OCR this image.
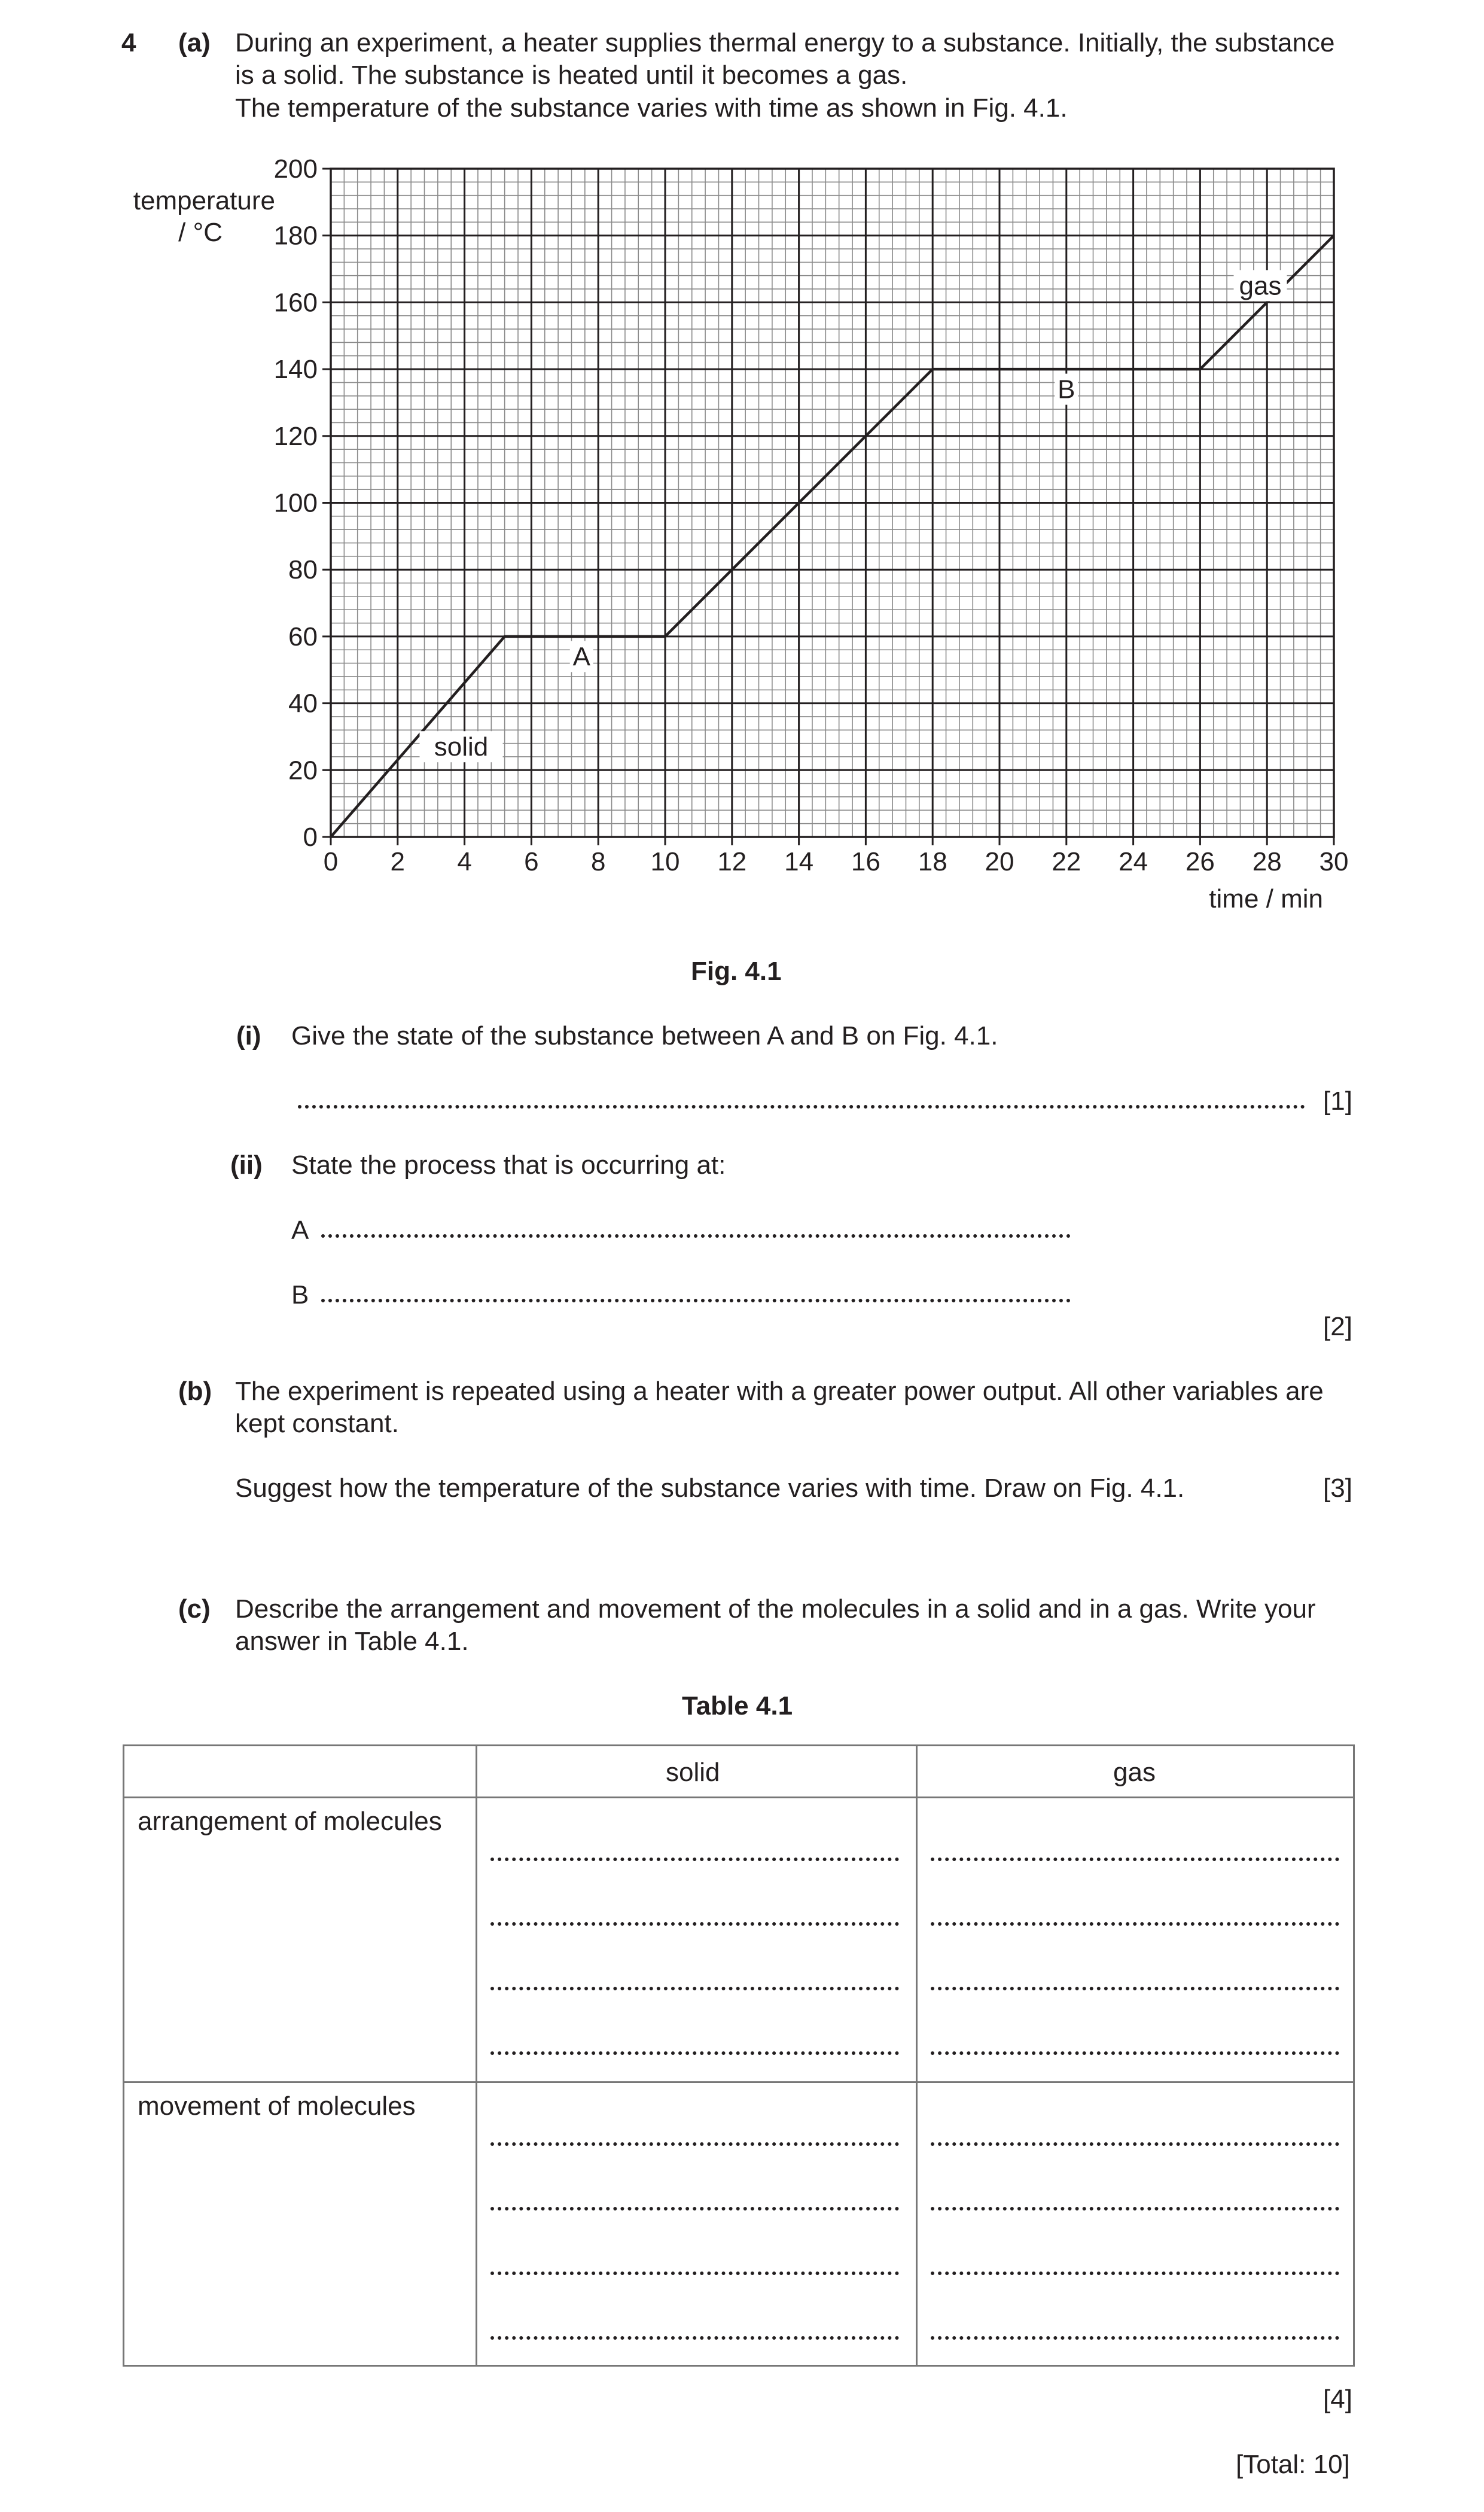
4 (a) During an experiment, a heater supplies thermal energy to a substance. Initially, the substance
is a solid. The substance is heated until it becomes a gas.
The temperature of the substance varies with time as shown in Fig. 4.1.
0 2 4 6 8 10 12 14 16 18 20 22 24 26 28 30
0
20
40
60
80
100
120
140
160
180
200
temperature
/ °C
time / min
solid
A
B
gas
Fig. 4.1
(i) Give the state of the substance between A and B on Fig. 4.1.
[1]
(ii) State the process that is occurring at:
A
B
[2]
(b) The experiment is repeated using a heater with a greater power output. All other variables are
kept constant.
Suggest how the temperature of the substance varies with time. Draw on Fig. 4.1.	[3]
(c) Describe the arrangement and movement of the molecules in a solid and in a gas. Write your
answer in Table 4.1.
Table 4.1
solid	gas
arrangement of molecules
movement of molecules
[4]
[Total: 10]
